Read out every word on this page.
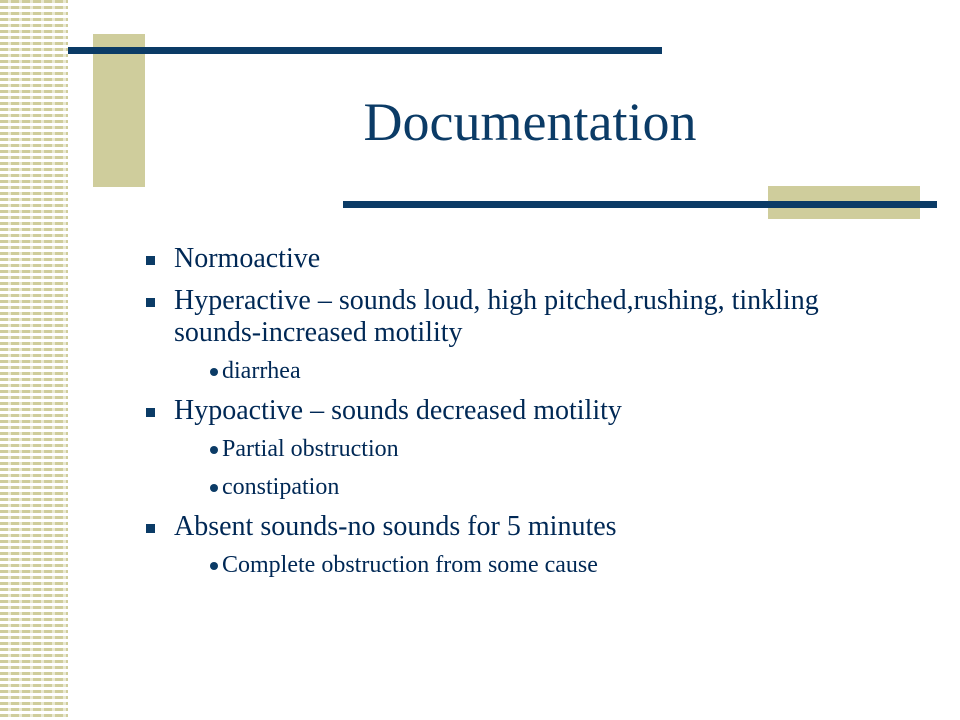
Documentation
Normoactive
Hyperactive – sounds loud, high pitched,rushing, tinkling sounds-increased motility
diarrhea
Hypoactive – sounds decreased motility
Partial obstruction
constipation
Absent sounds-no sounds for 5 minutes
Complete obstruction from some cause
